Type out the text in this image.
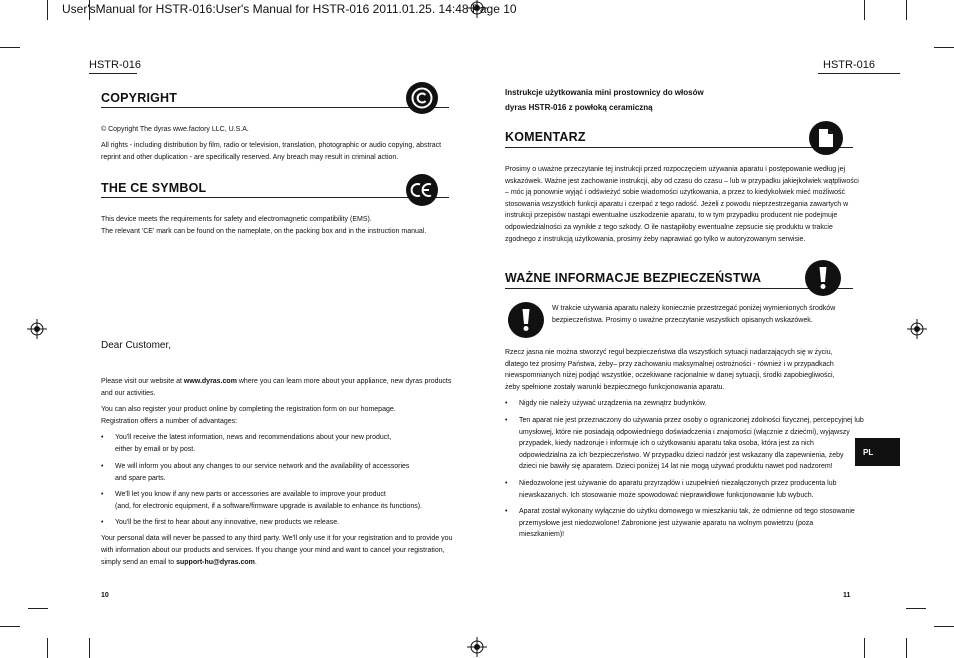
User'sManual for HSTR-016:User's Manual for HSTR-016 2011.01.25. 14:48 Page 10
HSTR-016
COPYRIGHT
© Copyright The dyras wwe.factory LLC, U.S.A.
All rights - including distribution by film, radio or television, translation, photographic or audio copying, abstract
reprint and other duplication - are specifically reserved. Any breach may result in criminal action.
THE CE SYMBOL
This device meets the requirements for safety and electromagnetic compatibility (EMS).
The relevant 'CE' mark can be found on the nameplate, on the packing box and in the instruction manual.
Dear Customer,
Please visit our website at www.dyras.com where you can learn more about your appliance, new dyras products
and our activities.
You can also register your product online by completing the registration form on our homepage.
Registration offers a number of advantages:
• You'll receive the latest information, news and recommendations about your new product,
either by email or by post.
• We will inform you about any changes to our service network and the availability of accessories
and spare parts.
• We'll let you know if any new parts or accessories are available to improve your product
(and, for electronic equipment, if a software/firmware upgrade is available to enhance its functions).
• You'll be the first to hear about any innovative, new products we release.
Your personal data will never be passed to any third party. We'll only use it for your registration and to provide you
with information about our products and services. If you change your mind and want to cancel your registration,
simply send an email to support-hu@dyras.com.
10
HSTR-016
Instrukcje użytkowania mini prostownicy do włosów
dyras HSTR-016 z powłoką ceramiczną
KOMENTARZ
Prosimy o uważne przeczytanie tej instrukcji przed rozpoczęciem używania aparatu i postępowanie według jej
wskazówek. Ważne jest zachowanie instrukcji, aby od czasu do czasu – lub w przypadku jakiejkolwiek wątpliwości
– móc ją ponownie wyjąć i odświeżyć sobie wiadomości użytkowania, a przez to kiedykolwiek mieć możliwość
stosowania wszystkich funkcji aparatu i czerpać z tego radość. Jeżeli z powodu nieprzestrzegania zawartych w
instrukcji przepisów nastąpi ewentualne uszkodzenie aparatu, to w tym przypadku producent nie podejmuje
odpowiedzialności za wynikłe z tego szkody. O ile nastąpiłoby ewentualne zepsucie się produktu w trakcie
zgodnego z instrukcją użytkowania, prosimy żeby naprawiać go tylko w autoryzowanym serwisie.
WAŻNE INFORMACJE BEZPIECZEŃSTWA
W trakcie używania aparatu należy koniecznie przestrzegać poniżej wymienionych środków
bezpieczeństwa. Prosimy o uważne przeczytanie wszystkich opisanych wskazówek.
Rzecz jasna nie można stworzyć reguł bezpieczeństwa dla wszystkich sytuacji nadarzających się w życiu,
dlatego też prosimy Państwa, żeby– przy zachowaniu maksymalnej ostrożności - również i w przypadkach
niewspomnianych niżej podjąć wszystkie, oczekiwane racjonalnie w danej sytuacji, środki zapobiegliwości,
żeby spełnione zostały warunki bezpiecznego funkcjonowania aparatu.
• Nigdy nie należy używać urządzenia na zewnątrz budynków.
• Ten aparat nie jest przeznaczony do używania przez osoby o ograniczonej zdolności fizycznej, percepcyjnej lub
umysłowej, które nie posiadają odpowiedniego doświadczenia i znajomości (włącznie z dziećmi), wyjąwszy
przypadek, kiedy nadzoruje i informuje ich o użytkowaniu aparatu taka osoba, która jest za nich
odpowiedzialna za ich bezpieczeństwo. W przypadku dzieci nadzór jest wskazany dla zapewnienia, żeby
dzieci nie bawiły się aparatem. Dzieci poniżej 14 lat nie mogą używać produktu nawet pod nadzorem!
• Niedozwolone jest używanie do aparatu przyrządów i uzupełnień niezałączonych przez producenta lub
niewskazanych. Ich stosowanie może spowodować nieprawidłowe funkcjonowanie lub wybuch.
• Aparat został wykonany wyłącznie do użytku domowego w mieszkaniu tak, że odmienne od tego stosowanie
przemysłowe jest niedozwolone! Zabronione jest używanie aparatu na wolnym powietrzu (poza
mieszkaniem)!
PL
11
